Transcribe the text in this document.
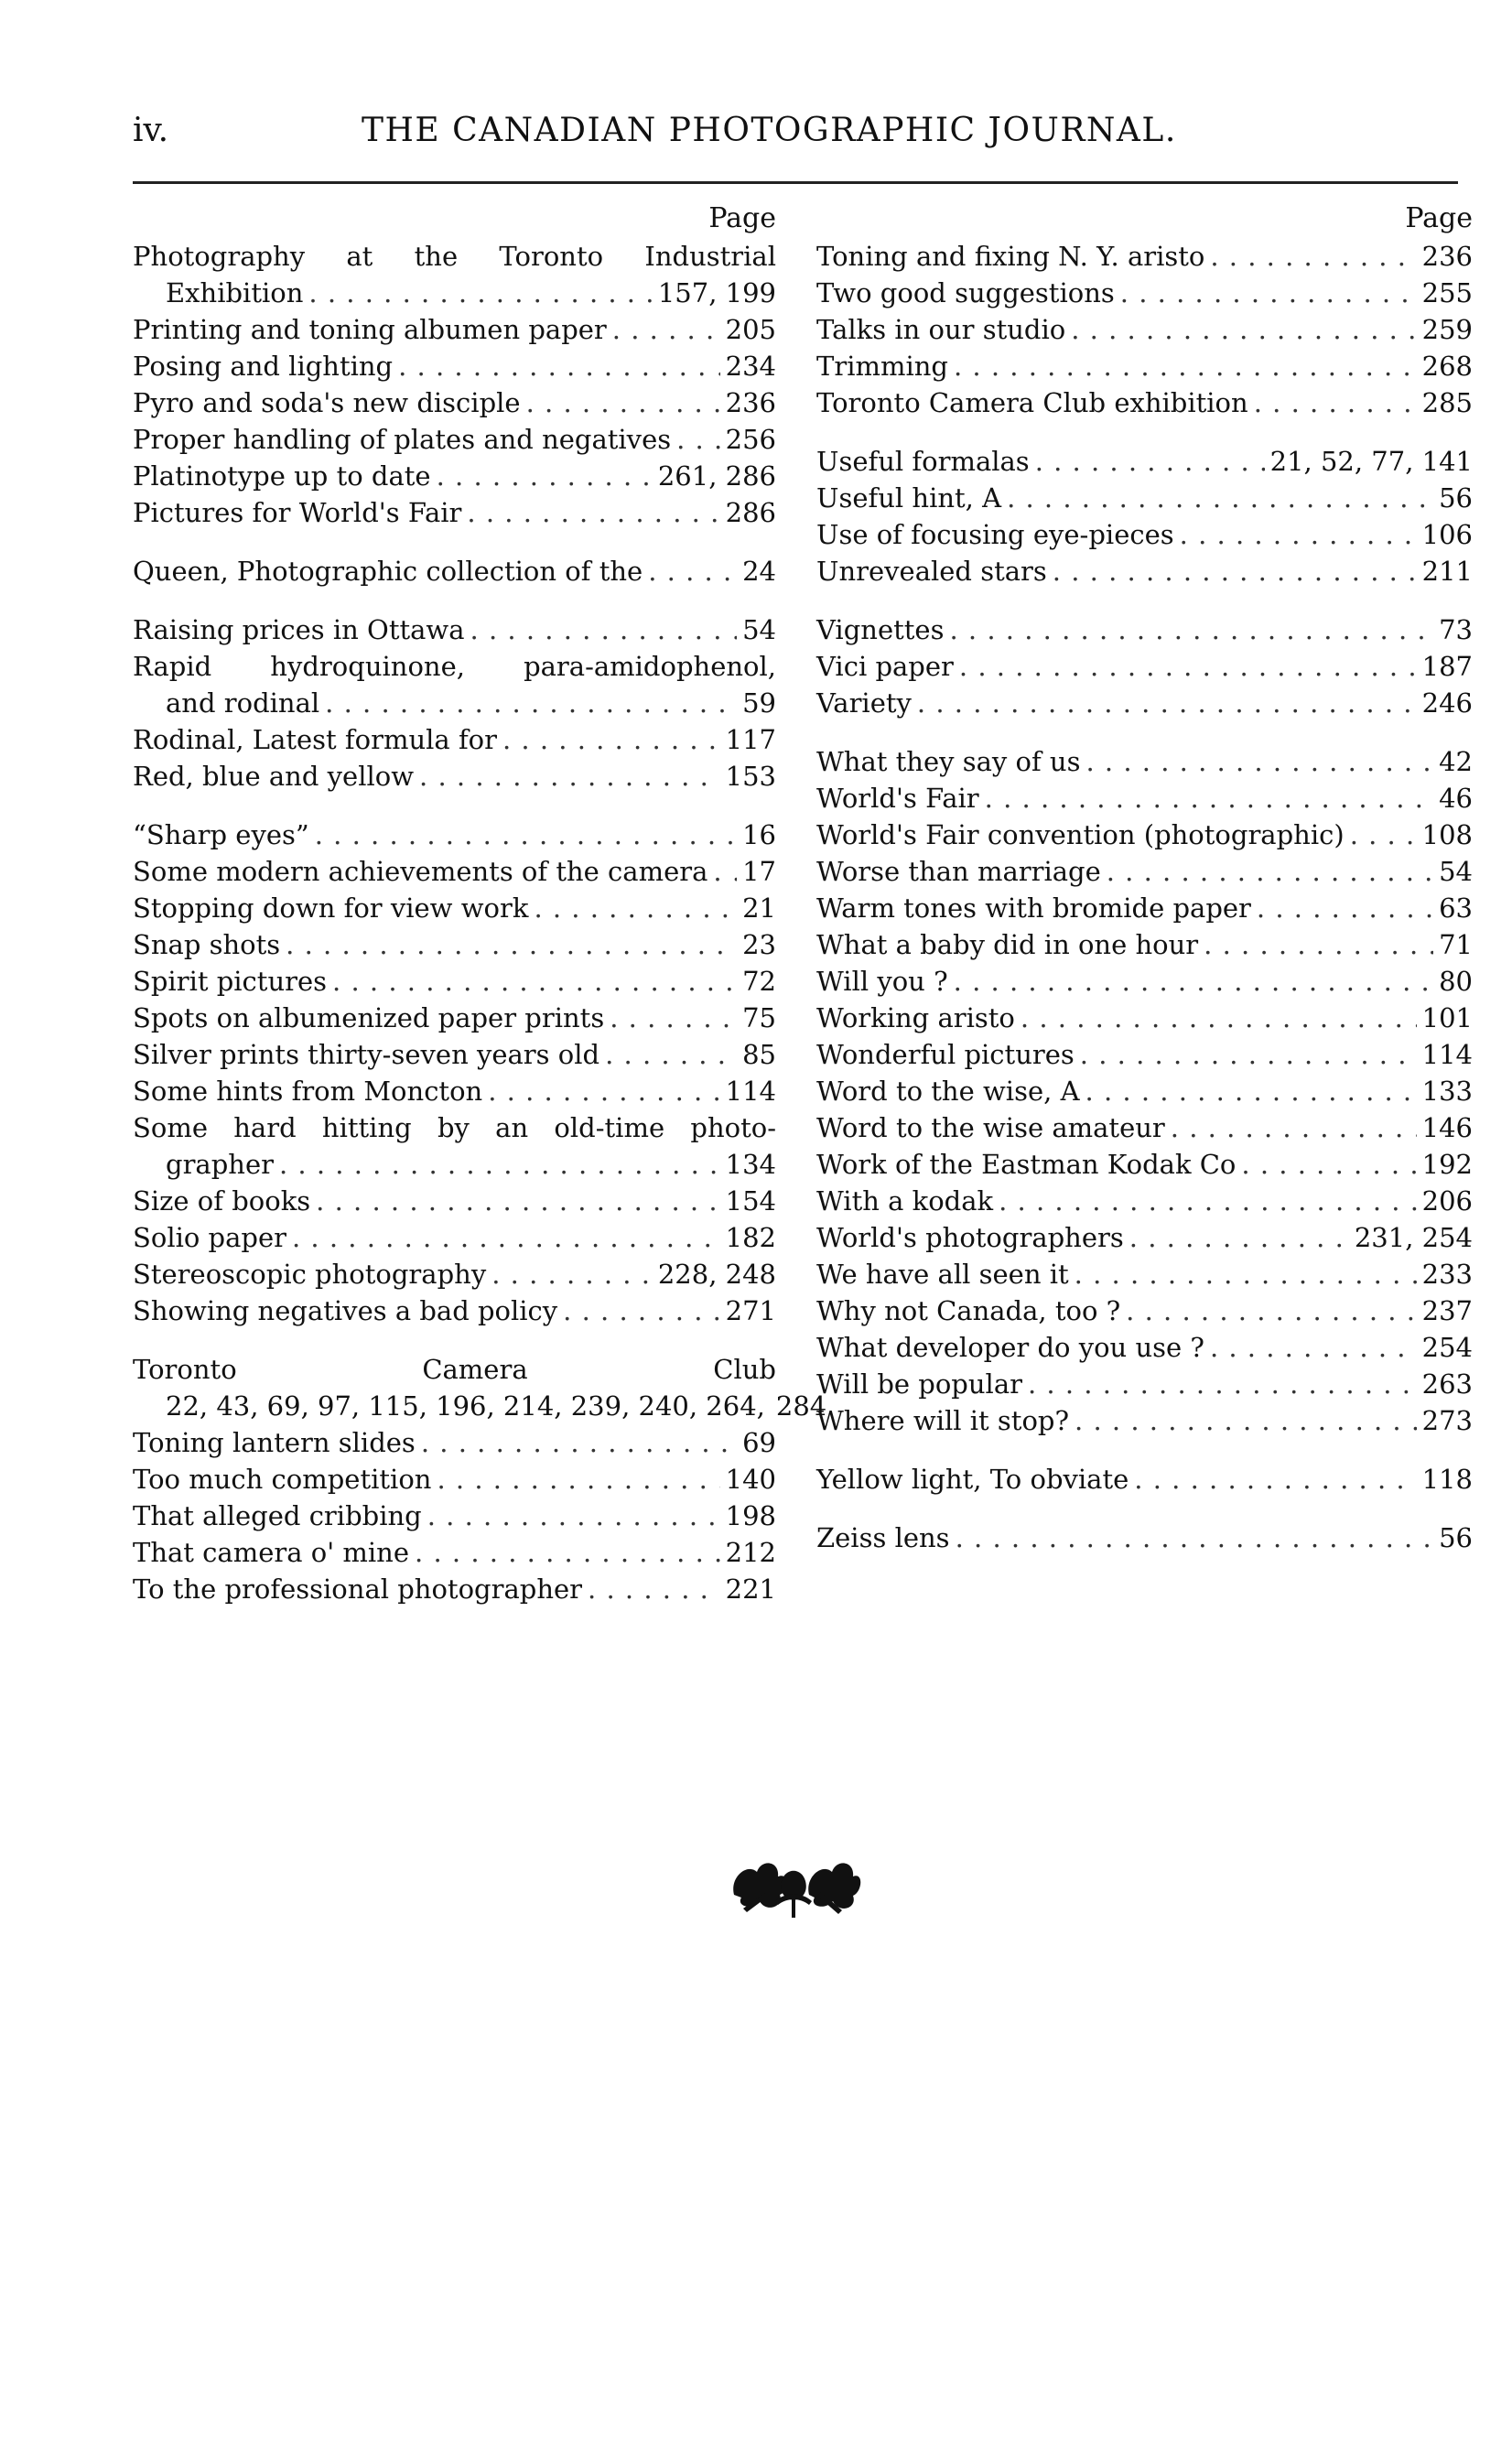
iv.	THE CANADIAN PHOTOGRAPHIC JOURNAL.
Page
Photography at the Toronto Industrial
Exhibition . . .	157, 199
Printing and toning albumen paper . . .	205
Posing and lighting . . .	234
Pyro and soda's new disciple . . .	236
Proper handling of plates and negatives . . . 256
Platinotype up to date . . .	261, 286
Pictures for World's Fair . . .	286
Queen, Photographic collection of the . . .	24
Raising prices in Ottawa . . .	54
Rapid hydroquinone, para-amidophenol,
and rodinal . . .	59
Rodinal, Latest formula for . . .	117
Red, blue and yellow . . .	153
“Sharp eyes” . . .	16
Some modern achievements of the camera . . . 17
Stopping down for view work . . .	21
Snap shots . . .	23
Spirit pictures . . .	72
Spots on albumenized paper prints . . .	75
Silver prints thirty-seven years old . . .	85
Some hints from Moncton . . .	114
Some hard hitting by an old-time photo-
grapher . . .	134
Size of books . . .	154
Solio paper . . .	182
Stereoscopic photography . . .	228, 248
Showing negatives a bad policy . . .	271
Toronto Camera Club
22, 43, 69, 97, 115, 196, 214, 239, 240, 264, 284
Toning lantern slides . . .	69
Too much competition . . .	140
That alleged cribbing . . .	198
That camera o' mine . . .	212
To the professional photographer . . .	221
Page
Toning and fixing N. Y. aristo . . .	236
Two good suggestions . . .	255
Talks in our studio . . .	259
Trimming . . .	268
Toronto Camera Club exhibition . . .	285
Useful formalas . . .	21, 52, 77, 141
Useful hint, A . . .	56
Use of focusing eye-pieces . . .	106
Unrevealed stars . . .	211
Vignettes . . .	73
Vici paper . . .	187
Variety . . .	246
What they say of us . . .	42
World's Fair . . .	46
World's Fair convention (photographic) . . .	108
Worse than marriage . . .	54
Warm tones with bromide paper . . .	63
What a baby did in one hour . . .	71
Will you ? . . .	80
Working aristo . . .	101
Wonderful pictures . . .	114
Word to the wise, A . . .	133
Word to the wise amateur . . .	146
Work of the Eastman Kodak Co . . .	192
With a kodak . . .	206
World's photographers . . .	231, 254
We have all seen it . . .	233
Why not Canada, too ? . . .	237
What developer do you use ? . . .	254
Will be popular . . .	263
Where will it stop? . . .	273
Yellow light, To obviate . . .	118
Zeiss lens . . .	56
